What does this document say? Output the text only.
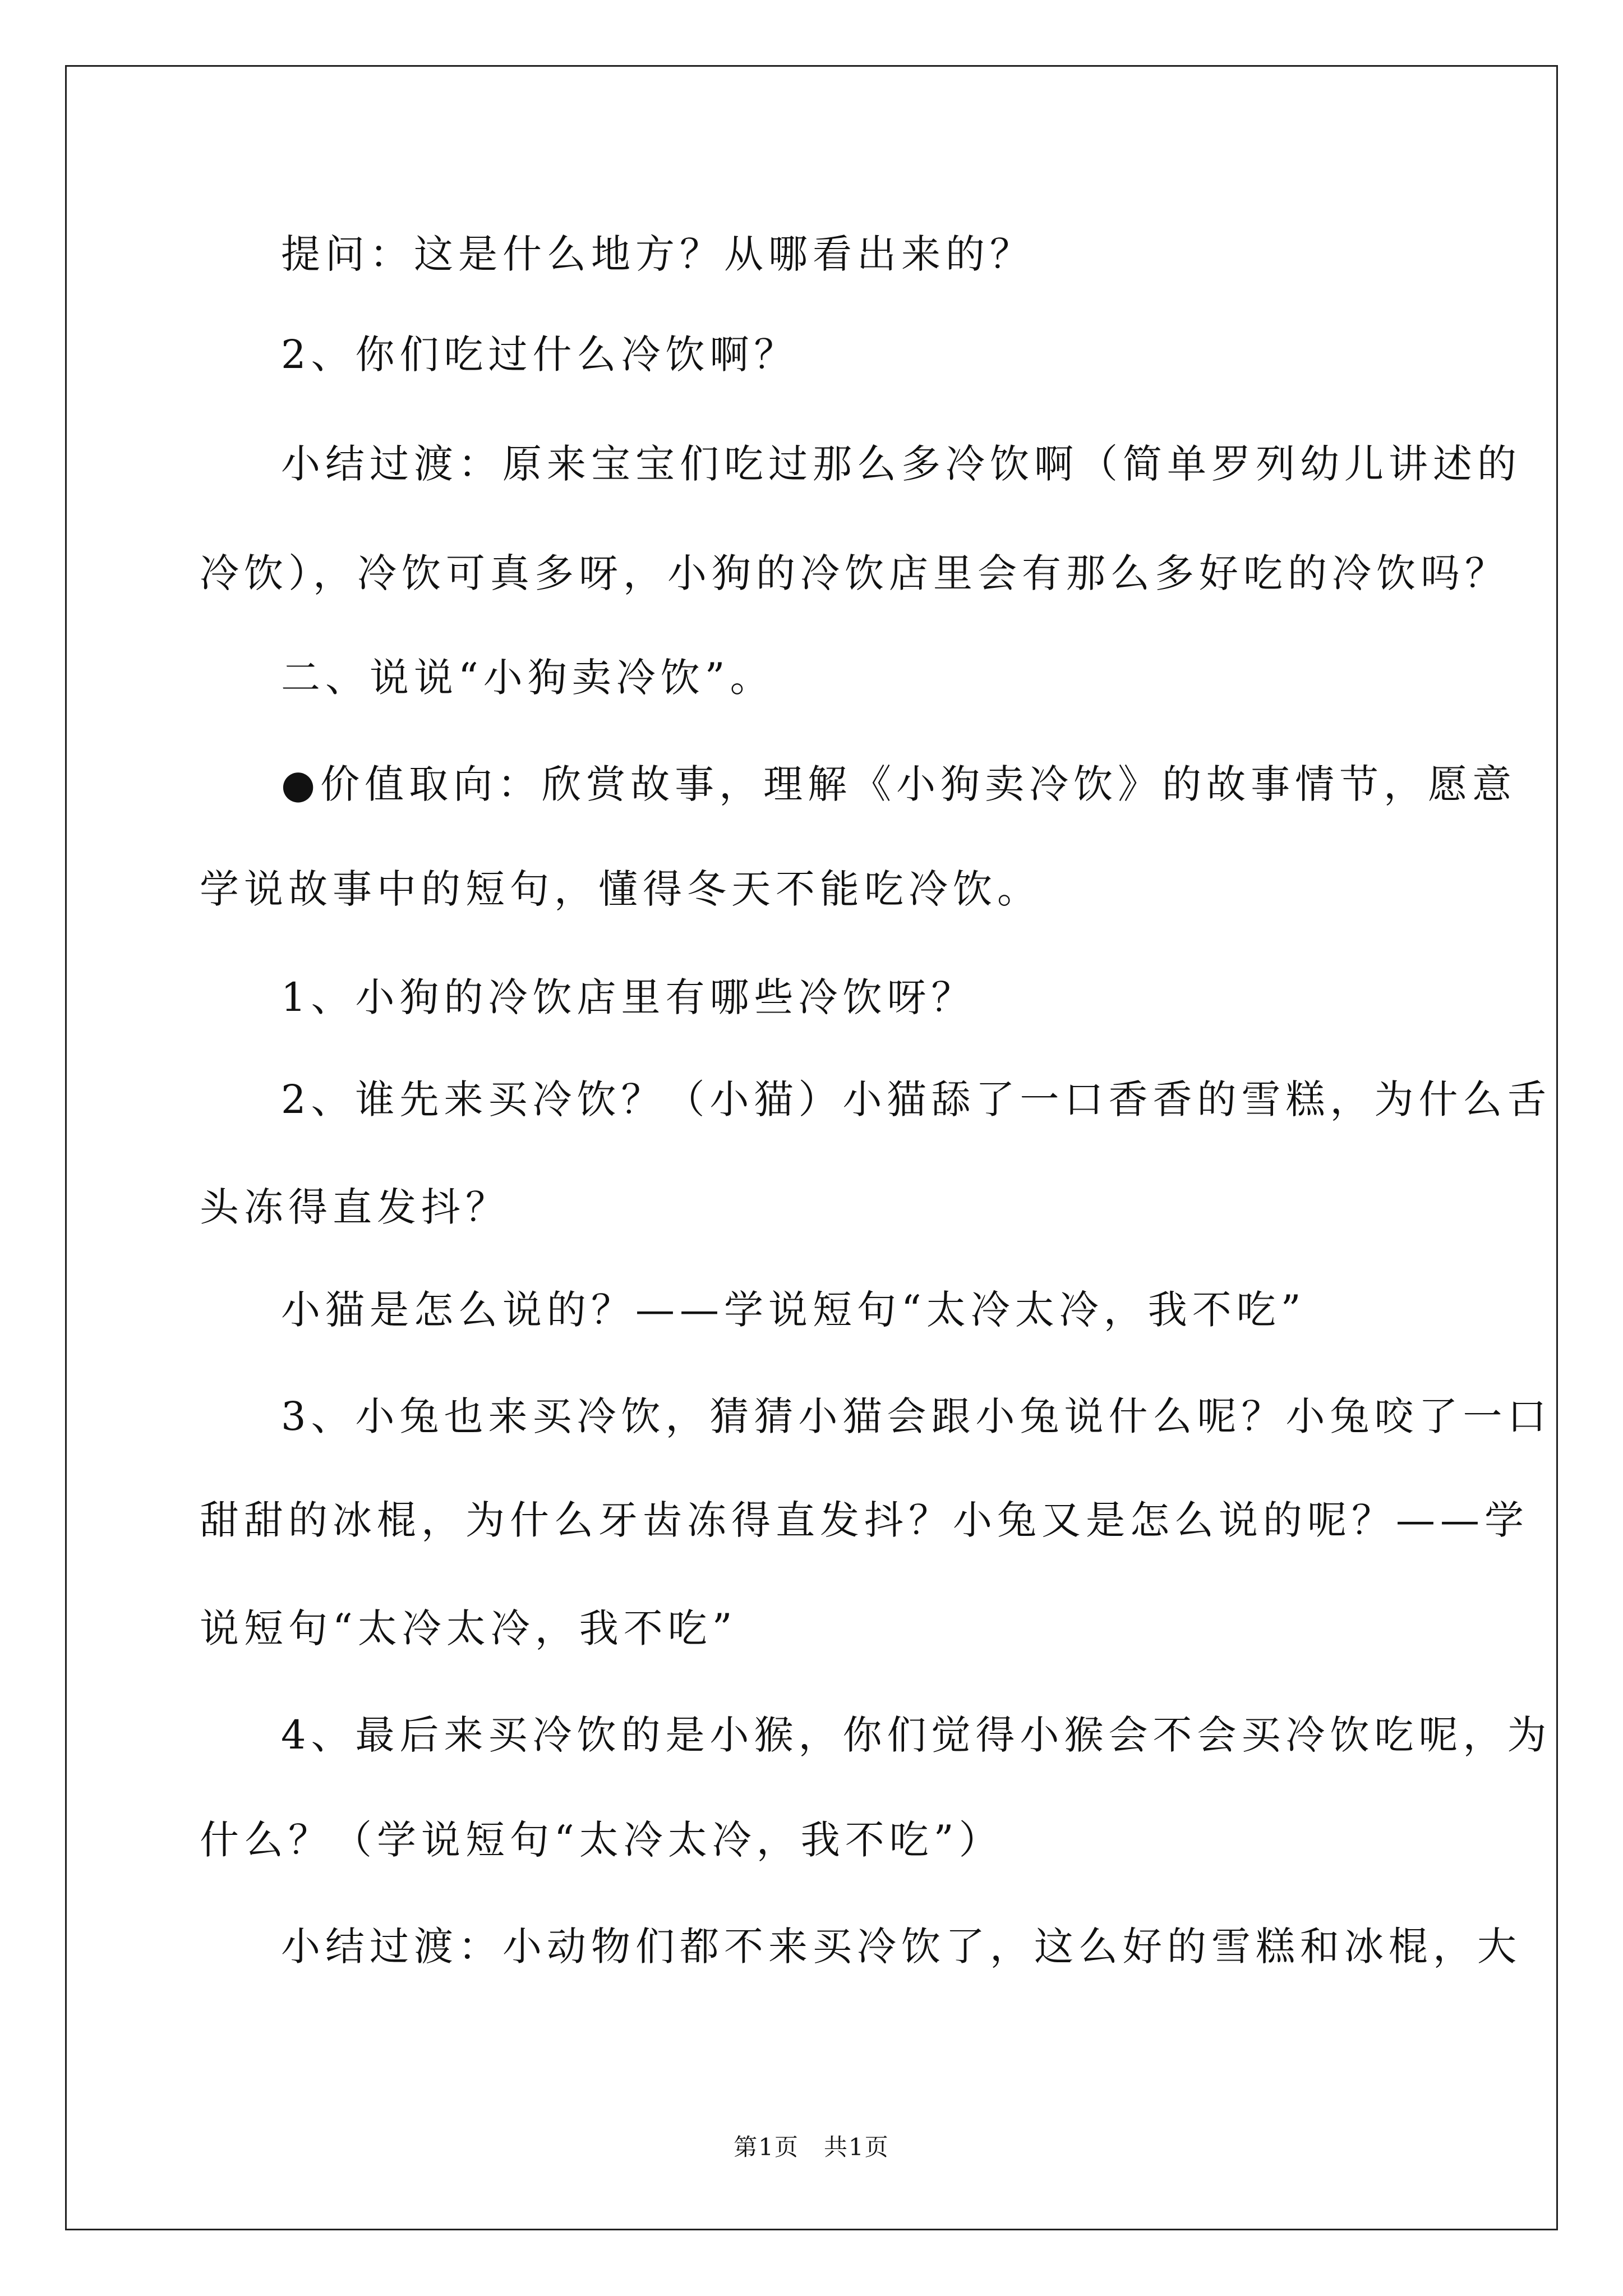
提问：这是什么地方？从哪看出来的？
2、你们吃过什么冷饮啊？
小结过渡：原来宝宝们吃过那么多冷饮啊（简单罗列幼儿讲述的
冷饮），冷饮可真多呀，小狗的冷饮店里会有那么多好吃的冷饮吗？
二、说说“小狗卖冷饮”。
●价值取向：欣赏故事，理解《小狗卖冷饮》的故事情节，愿意
学说故事中的短句，懂得冬天不能吃冷饮。
1、小狗的冷饮店里有哪些冷饮呀？
2、谁先来买冷饮？（小猫）小猫舔了一口香香的雪糕，为什么舌
头冻得直发抖？
小猫是怎么说的？——学说短句“太冷太冷，我不吃”
3、小兔也来买冷饮，猜猜小猫会跟小兔说什么呢？小兔咬了一口
甜甜的冰棍，为什么牙齿冻得直发抖？小兔又是怎么说的呢？——学
说短句“太冷太冷，我不吃”
4、最后来买冷饮的是小猴，你们觉得小猴会不会买冷饮吃呢，为
什么？（学说短句“太冷太冷，我不吃”）
小结过渡：小动物们都不来买冷饮了，这么好的雪糕和冰棍，大
第1页　共1页
